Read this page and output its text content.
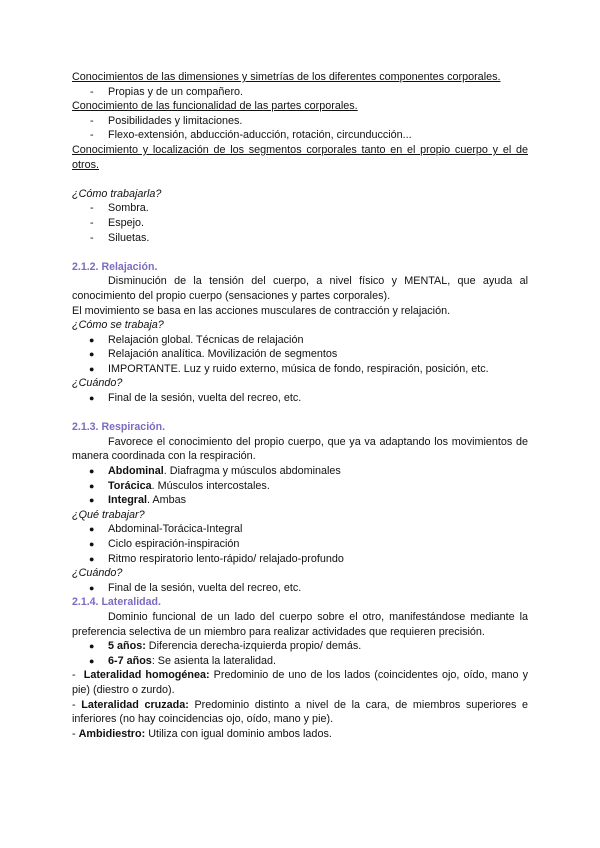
Conocimientos de las dimensiones y simetrías de los diferentes componentes corporales.

- Propias y de un compañero.

Conocimiento de las funcionalidad de las partes corporales.

- Posibilidades y limitaciones.
- Flexo-extensión, abducción-aducción, rotación, circunducción...

Conocimiento y localización de los segmentos corporales tanto en el propio cuerpo y el de otros.

¿Cómo trabajarla?

- Sombra.
- Espejo.
- Siluetas.

2.1.2. Relajación.

Disminución de la tensión del cuerpo, a nivel físico y MENTAL, que ayuda al conocimiento del propio cuerpo (sensaciones y partes corporales).

El movimiento se basa en las acciones musculares de contracción y relajación.

¿Cómo se trabaja?

● Relajación global. Técnicas de relajación
● Relajación analítica. Movilización de segmentos
● IMPORTANTE. Luz y ruido externo, música de fondo, respiración, posición, etc.

¿Cuándo?

● Final de la sesión, vuelta del recreo, etc.

2.1.3. Respiración.

Favorece el conocimiento del propio cuerpo, que ya va adaptando los movimientos de manera coordinada con la respiración.

● Abdominal. Diafragma y músculos abdominales
● Torácica. Músculos intercostales.
● Integral. Ambas

¿Qué trabajar?

● Abdominal-Torácica-Integral
● Ciclo espiración-inspiración
● Ritmo respiratorio lento-rápido/ relajado-profundo

¿Cuándo?

● Final de la sesión, vuelta del recreo, etc.

2.1.4. Lateralidad.

Dominio funcional de un lado del cuerpo sobre el otro, manifestándose mediante la preferencia selectiva de un miembro para realizar actividades que requieren precisión.

● 5 años: Diferencia derecha-izquierda propio/ demás.
● 6-7 años: Se asienta la lateralidad.

-  Lateralidad homogénea: Predominio de uno de los lados (coincidentes ojo, oído, mano y pie) (diestro o zurdo).

- Lateralidad cruzada: Predominio distinto a nivel de la cara, de miembros superiores e inferiores (no hay coincidencias ojo, oído, mano y pie).

- Ambidiestro: Utiliza con igual dominio ambos lados.
